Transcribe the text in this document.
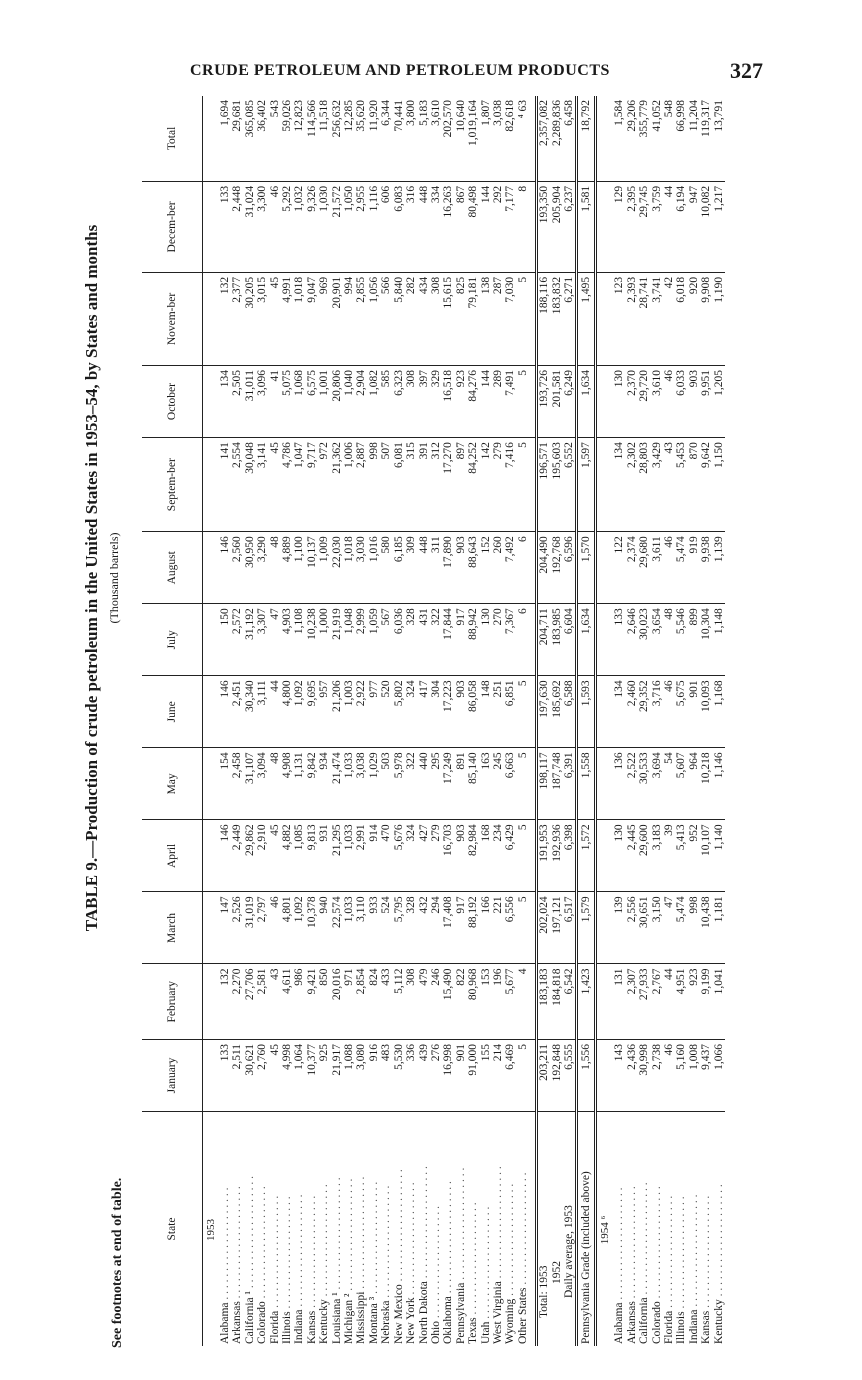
CRUDE PETROLEUM AND PETROLEUM PRODUCTS	327
TABLE 9.—Production of crude petroleum in the United States in 1953–54, by States and months (Thousand barrels)
See footnotes at end of table.	State	January	February	March	April	May	June	July	August	Septem-ber	October	Novem-ber	Decem-ber	Total
1953													
Alabama . . .	133	132	147	146	154	146	150	146	141	134	132	133	1,694
Arkansas . . .	2,511	2,270	2,526	2,449	2,458	2,451	2,572	2,560	2,554	2,505	2,377	2,448	29,681
California ¹ . . .	30,621	27,706	31,019	29,862	31,107	30,340	31,192	30,950	30,048	31,011	30,205	31,024	365,085
Colorado . . .	2,760	2,581	2,797	2,910	3,094	3,111	3,307	3,290	3,141	3,096	3,015	3,300	36,402
Florida . . .	45	43	46	45	48	44	47	48	45	41	45	46	543
Illinois . . .	4,998	4,611	4,801	4,882	4,908	4,800	4,903	4,889	4,786	5,075	4,991	5,292	59,026
Indiana . . .	1,064	986	1,092	1,085	1,131	1,092	1,108	1,100	1,047	1,068	1,018	1,032	12,823
Kansas . . .	10,377	9,421	10,378	9,813	9,842	9,695	10,238	10,137	9,717	6,575	9,047	9,326	114,566
Kentucky . . .	925	850	940	931	934	957	1,000	1,009	972	1,001	969	1,030	11,518
Louisiana ¹ . . .	21,917	20,016	22,574	21,295	21,474	21,206	21,919	22,030	21,362	20,806	20,901	21,572	256,632
Michigan ² . . .	1,088	971	1,033	1,033	1,033	1,003	1,048	1,018	1,006	1,040	994	1,050	12,285
Mississippi . . .	3,080	2,854	3,110	2,991	3,038	2,922	2,999	3,030	2,887	2,904	2,855	2,955	35,620
Montana ³ . . .	916	824	933	914	1,029	977	1,059	1,016	998	1,082	1,056	1,116	11,920
Nebraska . . .	483	433	524	470	503	520	567	580	507	585	566	606	6,344
New Mexico . . .	5,530	5,112	5,795	5,676	5,978	5,802	6,036	6,185	6,081	6,323	5,840	6,083	70,441
New York . . .	336	308	328	324	322	324	328	309	315	308	282	316	3,800
North Dakota . . .	439	479	432	427	440	417	431	448	391	397	434	448	5,183
Ohio . . .	276	246	294	279	295	304	322	311	312	329	308	334	3,610
Oklahoma . . .	16,998	15,490	17,408	16,703	17,249	17,223	17,844	17,890	17,270	16,518	15,615	16,263	202,570
Pennsylvania . . .	901	822	917	903	891	903	917	903	897	923	825	867	10,640
Texas . . .	91,000	80,968	88,192	82,984	85,140	86,058	88,942	88,643	84,252	84,276	79,181	80,498	1,019,164
Utah . . .	155	153	166	168	163	148	130	152	142	144	138	144	1,807
West Virginia . . .	214	196	221	234	245	251	270	260	279	289	287	292	3,038
Wyoming . . .	6,469	5,677	6,556	6,429	6,663	6,851	7,367	7,492	7,416	7,491	7,030	7,177	82,618
Other States . . .	5	4	5	5	5	5	6	6	5	5	5	8	⁴ 63

Total: 1953	203,211	183,183	202,024	191,953	198,117	197,630	204,711	204,490	196,571	193,726	188,116	193,350	2,357,082
1952	192,848	184,818	197,121	192,936	187,748	185,692	183,985	192,768	195,603	201,581	183,832	205,904	2,289,836
Daily average, 1953	6,555	6,542	6,517	6,398	6,391	6,588	6,604	6,596	6,552	6,249	6,271	6,237	6,458
Pennsylvania Grade (included above)	1,556	1,423	1,579	1,572	1,558	1,593	1,634	1,570	1,597	1,634	1,495	1,581	18,792
1954 ⁶													
Alabama . . .	143	131	139	130	136	134	133	122	134	130	123	129	1,584
Arkansas . . .	2,436	2,307	2,556	2,445	2,522	2,460	2,646	2,374	2,302	2,370	2,393	2,395	29,206
California . . .	30,998	27,933	30,651	29,600	30,533	29,352	30,023	29,680	28,803	29,720	28,741	29,745	355,779
Colorado . . .	2,738	2,767	3,150	3,183	3,694	3,716	3,654	3,611	3,429	3,610	3,741	3,759	41,052
Florida . . .	46	44	47	39	54	46	48	46	43	46	42	44	548
Illinois . . .	5,160	4,951	5,474	5,413	5,607	5,675	5,546	5,474	5,453	6,033	6,018	6,194	66,998
Indiana . . .	1,008	923	998	952	964	901	899	919	870	903	920	947	11,204
Kansas . . .	9,437	9,199	10,438	10,107	10,218	10,093	10,304	9,938	9,642	9,951	9,908	10,082	119,317
Kentucky . . .	1,066	1,041	1,181	1,140	1,146	1,168	1,148	1,139	1,150	1,205	1,190	1,217	13,791
